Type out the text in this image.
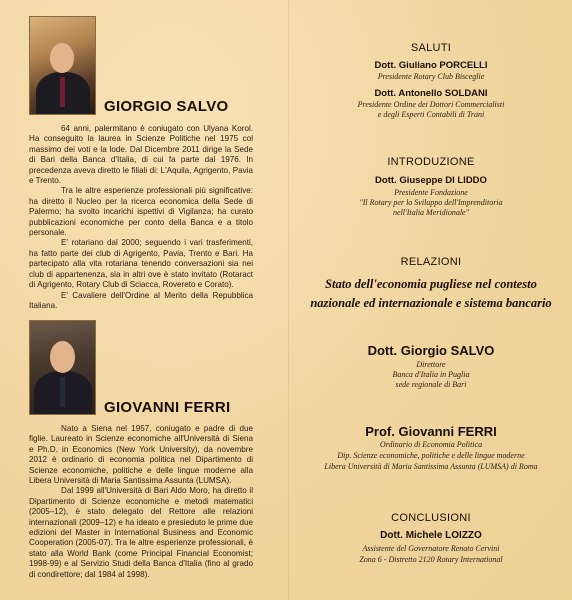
GIORGIO SALVO

64 anni, palermitano è coniugato con Ulyana Korol. Ha conseguito la laurea in Scienze Politiche nel 1975 col massimo dei voti e la lode. Dal Dicembre 2011 dirige la Sede di Bari della Banca d'Italia, di cui fa parte dal 1976. In precedenza aveva diretto le filiali di: L'Aquila, Agrigento, Pavia e Trento.

Tra le altre esperienze professionali più significative: ha diretto il Nucleo per la ricerca economica della Sede di Palermo; ha svolto incarichi ispettivi di Vigilanza; ha curato pubblicazioni economiche per conto della Banca e a titolo personale.

E' rotariano dal 2000; seguendo i vari trasferimenti, ha fatto parte dei club di Agrigento, Pavia, Trento e Bari. Ha partecipato alla vita rotariana tenendo conversazioni sia nei club di appartenenza, sia in altri ove è stato invitato (Rotaract di Agrigento, Rotary Club di Sciacca, Rovereto e Corato).

E' Cavaliere dell'Ordine al Merito della Repubblica Italiana.

GIOVANNI FERRI

Nato a Siena nel 1957, coniugato e padre di due figlie. Laureato in Scienze economiche all'Università di Siena e Ph.D. in Economics (New York University), da novembre 2012 è ordinario di economia politica nel Dipartimento di Scienze economiche, politiche e delle lingue moderne alla Libera Università di Maria Santissima Assunta (LUMSA).

Dal 1999 all'Università di Bari Aldo Moro, ha diretto il Dipartimento di Scienze economiche e metodi matematici (2005–12), è stato delegato del Rettore alle relazioni internazionali (2009–12) e ha ideato e presieduto le prime due edizioni del Master in International Business and Economic Cooperation (2005-07). Tra le altre esperienze professionali, è stato alla World Bank (come Principal Financial Economist; 1998-99) e al Servizio Studi della Banca d'Italia (fino al grado di condirettore; dal 1984 al 1998).

SALUTI
Dott. Giuliano PORCELLI
Presidente Rotary Club Bisceglie
Dott. Antonello SOLDANI
Presidente Ordine dei Dottori Commercialisti
e degli Esperti Contabili di Trani
INTRODUZIONE
Dott. Giuseppe DI LIDDO
Presidente Fondazione
"Il Rotary per lo Sviluppo dell'Imprenditoria
nell'Italia Meridionale"
RELAZIONI
Stato dell'economia pugliese nel contesto
nazionale ed internazionale e sistema bancario
Dott. Giorgio SALVO
Direttore
Banca d'Italia in Puglia
sede regionale di Bari
Prof. Giovanni FERRI
Ordinario di Economia Politica
Dip. Scienze economiche, politiche e delle lingue moderne
Libera Università di Maria Santissima Assunta (LUMSA) di Roma
CONCLUSIONI
Dott. Michele LOIZZO
Assistente del Governatore Renato Cervini
Zona 6 - Distretto 2120 Rotary International
